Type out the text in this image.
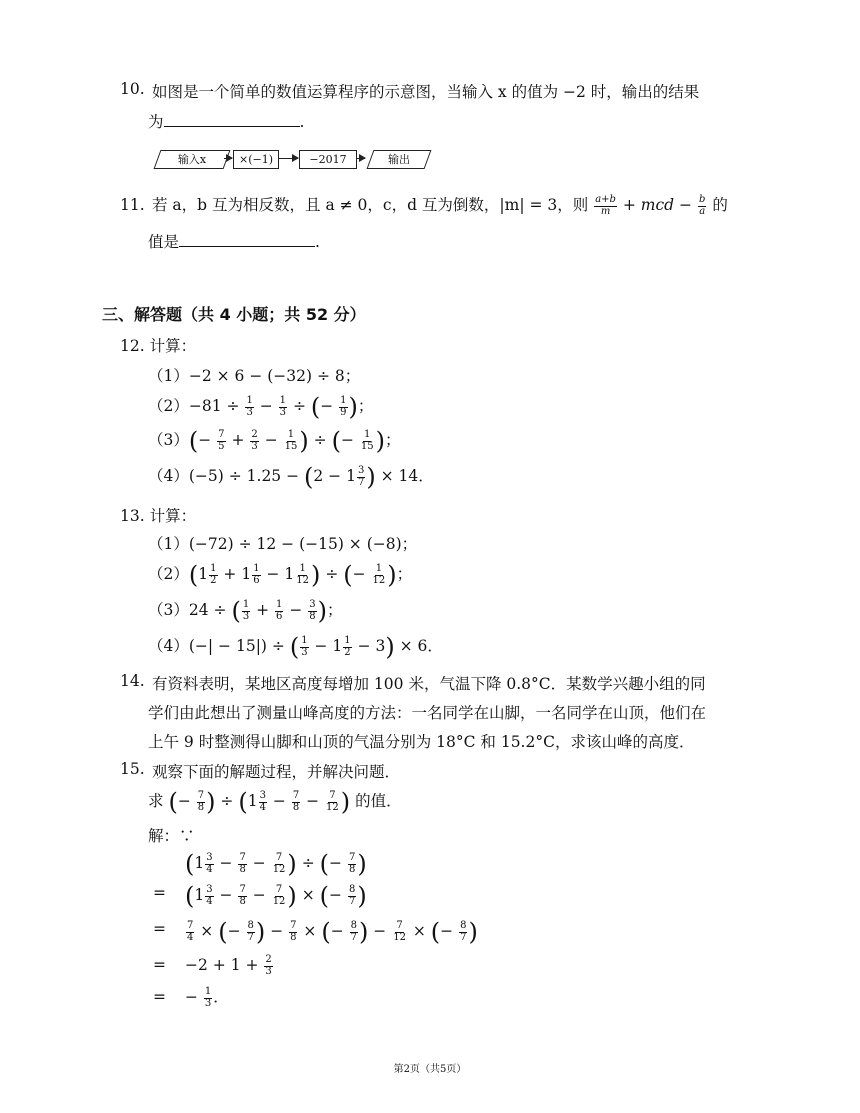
10. 如图是一个简单的数值运算程序的示意图，当输入 x 的值为 −2 时，输出的结果
为	.
输入x	×(−1)	−2017	输出
11. 若 a，b 互为相反数，且 a ≠ 0，c，d 互为倒数，|m| = 3，则 $\frac{a+b}{m}$ + mcd − $\frac{b}{a}$ 的
值是	.
三、解答题（共 4 小题；共 52 分）
12. 计算：
（1）−2 × 6 − (−32) ÷ 8；
$(2)-81 \div \frac{1}{3} - \frac{1}{3}$ ÷ (− $\frac{1}{9}$ )；
$(3)(- \frac{7}{5} + \frac{2}{3} - \frac{1}{15}$ ) ÷ (− $\frac{1}{15}$ )；
$(4)(-5) \div 1.25 - (2 - 1 \frac{3}{7}$ ) × 14．
13. 计算：
（1）(−72) ÷ 12 − (−15) × (−8)；
$(2)(1 \frac{1}{2} + 1 \frac{1}{6} - 1 \frac{1}{12}$ ) ÷ (− $\frac{1}{12}$ )；
（3）24 ÷ ( $\frac{1}{3} + \frac{1}{6} - \frac{3}{8}$ )；
（4）(−| − 15|) ÷ ( $\frac{1}{3} - 1 \frac{1}{2} - 3) \times 6$．
14. 有资料表明，某地区高度每增加 100 米，气温下降 0.8°C．某数学兴趣小组的同
学们由此想出了测量山峰高度的方法：一名同学在山脚，一名同学在山顶，他们在
上午 9 时整测得山脚和山顶的气温分别为 18°C 和 15.2°C，求该山峰的高度．
15. 观察下面的解题过程，并解决问题．
求 (− $\frac{7}{8}$ ) ÷ ($1 \frac{3}{4} - \frac{7}{8} - \frac{7}{12}$ ) 的值．
解：∵
($1 \frac{3}{4} - \frac{7}{8} - \frac{7}{12}$ ) ÷ (− $\frac{7}{8}$ )
= ($1 \frac{3}{4} - \frac{7}{8} - \frac{7}{12}$ ) × (− $\frac{8}{7}$ )
= $\frac{7}{4}$ × (− $\frac{8}{7}$ ) − $\frac{7}{8}$ × (− $\frac{8}{7}$ ) − $\frac{7}{12}$ × (− $\frac{8}{7}$ )
= $-2 + 1 + \frac{2}{3}$
= − $\frac{1}{3}$ ．
第2页（共5页）
